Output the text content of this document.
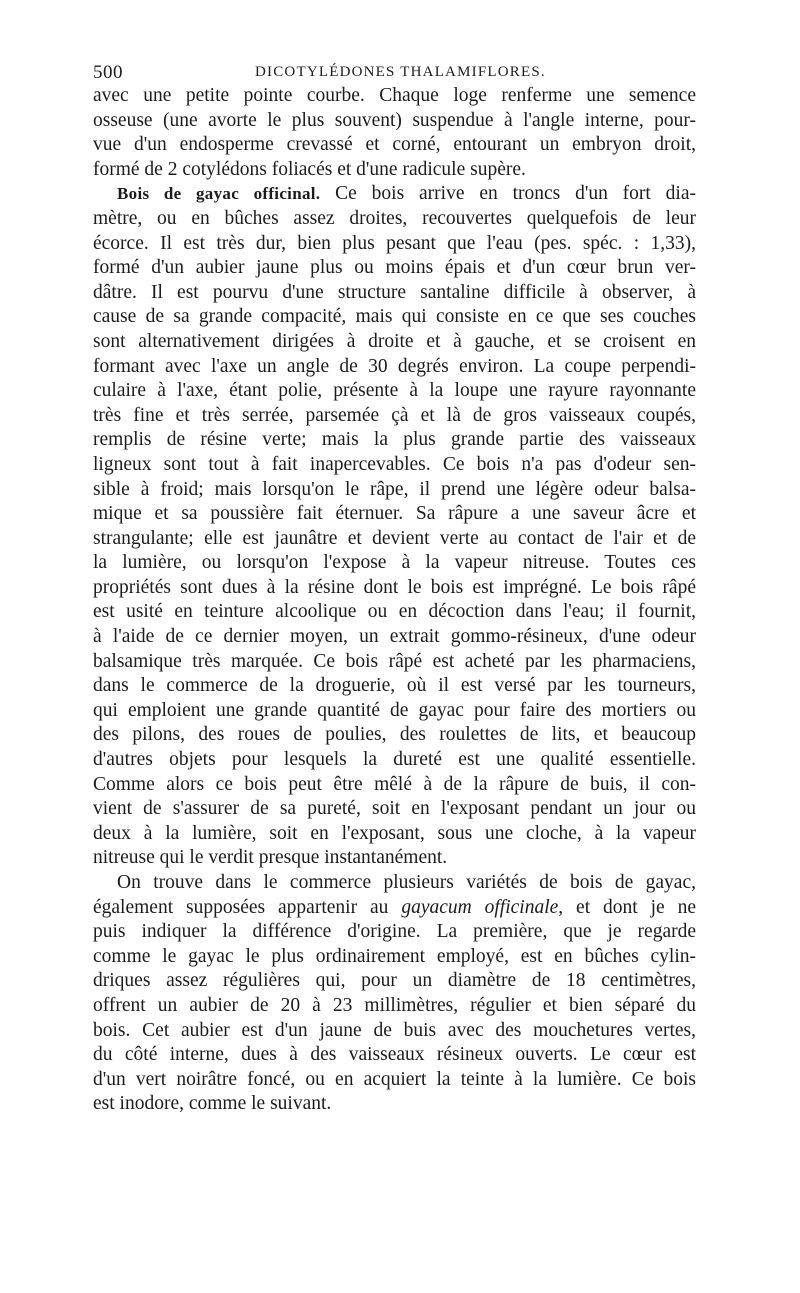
500	DICOTYLÉDONES THALAMIFLORES.
avec une petite pointe courbe. Chaque loge renferme une semence
osseuse (une avorte le plus souvent) suspendue à l'angle interne, pour-
vue d'un endosperme crevassé et corné, entourant un embryon droit,
formé de 2 cotylédons foliacés et d'une radicule supère.
Bois de gayac officinal. Ce bois arrive en troncs d'un fort dia-
mètre, ou en bûches assez droites, recouvertes quelquefois de leur
écorce. Il est très dur, bien plus pesant que l'eau (pes. spéc. : 1,33),
formé d'un aubier jaune plus ou moins épais et d'un cœur brun ver-
dâtre. Il est pourvu d'une structure santaline difficile à observer, à
cause de sa grande compacité, mais qui consiste en ce que ses couches
sont alternativement dirigées à droite et à gauche, et se croisent en
formant avec l'axe un angle de 30 degrés environ. La coupe perpendi-
culaire à l'axe, étant polie, présente à la loupe une rayure rayonnante
très fine et très serrée, parsemée çà et là de gros vaisseaux coupés,
remplis de résine verte; mais la plus grande partie des vaisseaux
ligneux sont tout à fait inapercevables. Ce bois n'a pas d'odeur sen-
sible à froid; mais lorsqu'on le râpe, il prend une légère odeur balsa-
mique et sa poussière fait éternuer. Sa râpure a une saveur âcre et
strangulante; elle est jaunâtre et devient verte au contact de l'air et de
la lumière, ou lorsqu'on l'expose à la vapeur nitreuse. Toutes ces
propriétés sont dues à la résine dont le bois est imprégné. Le bois râpé
est usité en teinture alcoolique ou en décoction dans l'eau; il fournit,
à l'aide de ce dernier moyen, un extrait gommo-résineux, d'une odeur
balsamique très marquée. Ce bois râpé est acheté par les pharmaciens,
dans le commerce de la droguerie, où il est versé par les tourneurs,
qui emploient une grande quantité de gayac pour faire des mortiers ou
des pilons, des roues de poulies, des roulettes de lits, et beaucoup
d'autres objets pour lesquels la dureté est une qualité essentielle.
Comme alors ce bois peut être mêlé à de la râpure de buis, il con-
vient de s'assurer de sa pureté, soit en l'exposant pendant un jour ou
deux à la lumière, soit en l'exposant, sous une cloche, à la vapeur
nitreuse qui le verdit presque instantanément.
On trouve dans le commerce plusieurs variétés de bois de gayac,
également supposées appartenir au gayacum officinale, et dont je ne
puis indiquer la différence d'origine. La première, que je regarde
comme le gayac le plus ordinairement employé, est en bûches cylin-
driques assez régulières qui, pour un diamètre de 18 centimètres,
offrent un aubier de 20 à 23 millimètres, régulier et bien séparé du
bois. Cet aubier est d'un jaune de buis avec des mouchetures vertes,
du côté interne, dues à des vaisseaux résineux ouverts. Le cœur est
d'un vert noirâtre foncé, ou en acquiert la teinte à la lumière. Ce bois
est inodore, comme le suivant.
